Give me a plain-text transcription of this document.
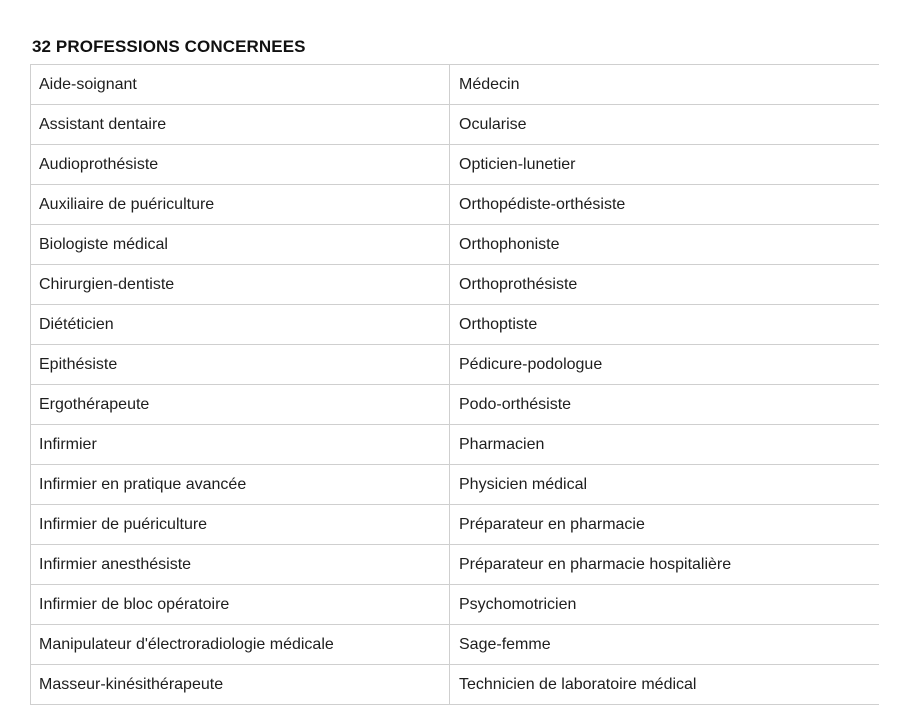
32 PROFESSIONS CONCERNEES
Aide-soignant	Médecin
Assistant dentaire	Ocularise
Audioprothésiste	Opticien-lunetier
Auxiliaire de puériculture	Orthopédiste-orthésiste
Biologiste médical	Orthophoniste
Chirurgien-dentiste	Orthoprothésiste
Diététicien	Orthoptiste
Epithésiste	Pédicure-podologue
Ergothérapeute	Podo-orthésiste
Infirmier	Pharmacien
Infirmier en pratique avancée	Physicien médical
Infirmier de puériculture	Préparateur en pharmacie
Infirmier anesthésiste	Préparateur en pharmacie hospitalière
Infirmier de bloc opératoire	Psychomotricien
Manipulateur d'électroradiologie médicale	Sage-femme
Masseur-kinésithérapeute	Technicien de laboratoire médical
